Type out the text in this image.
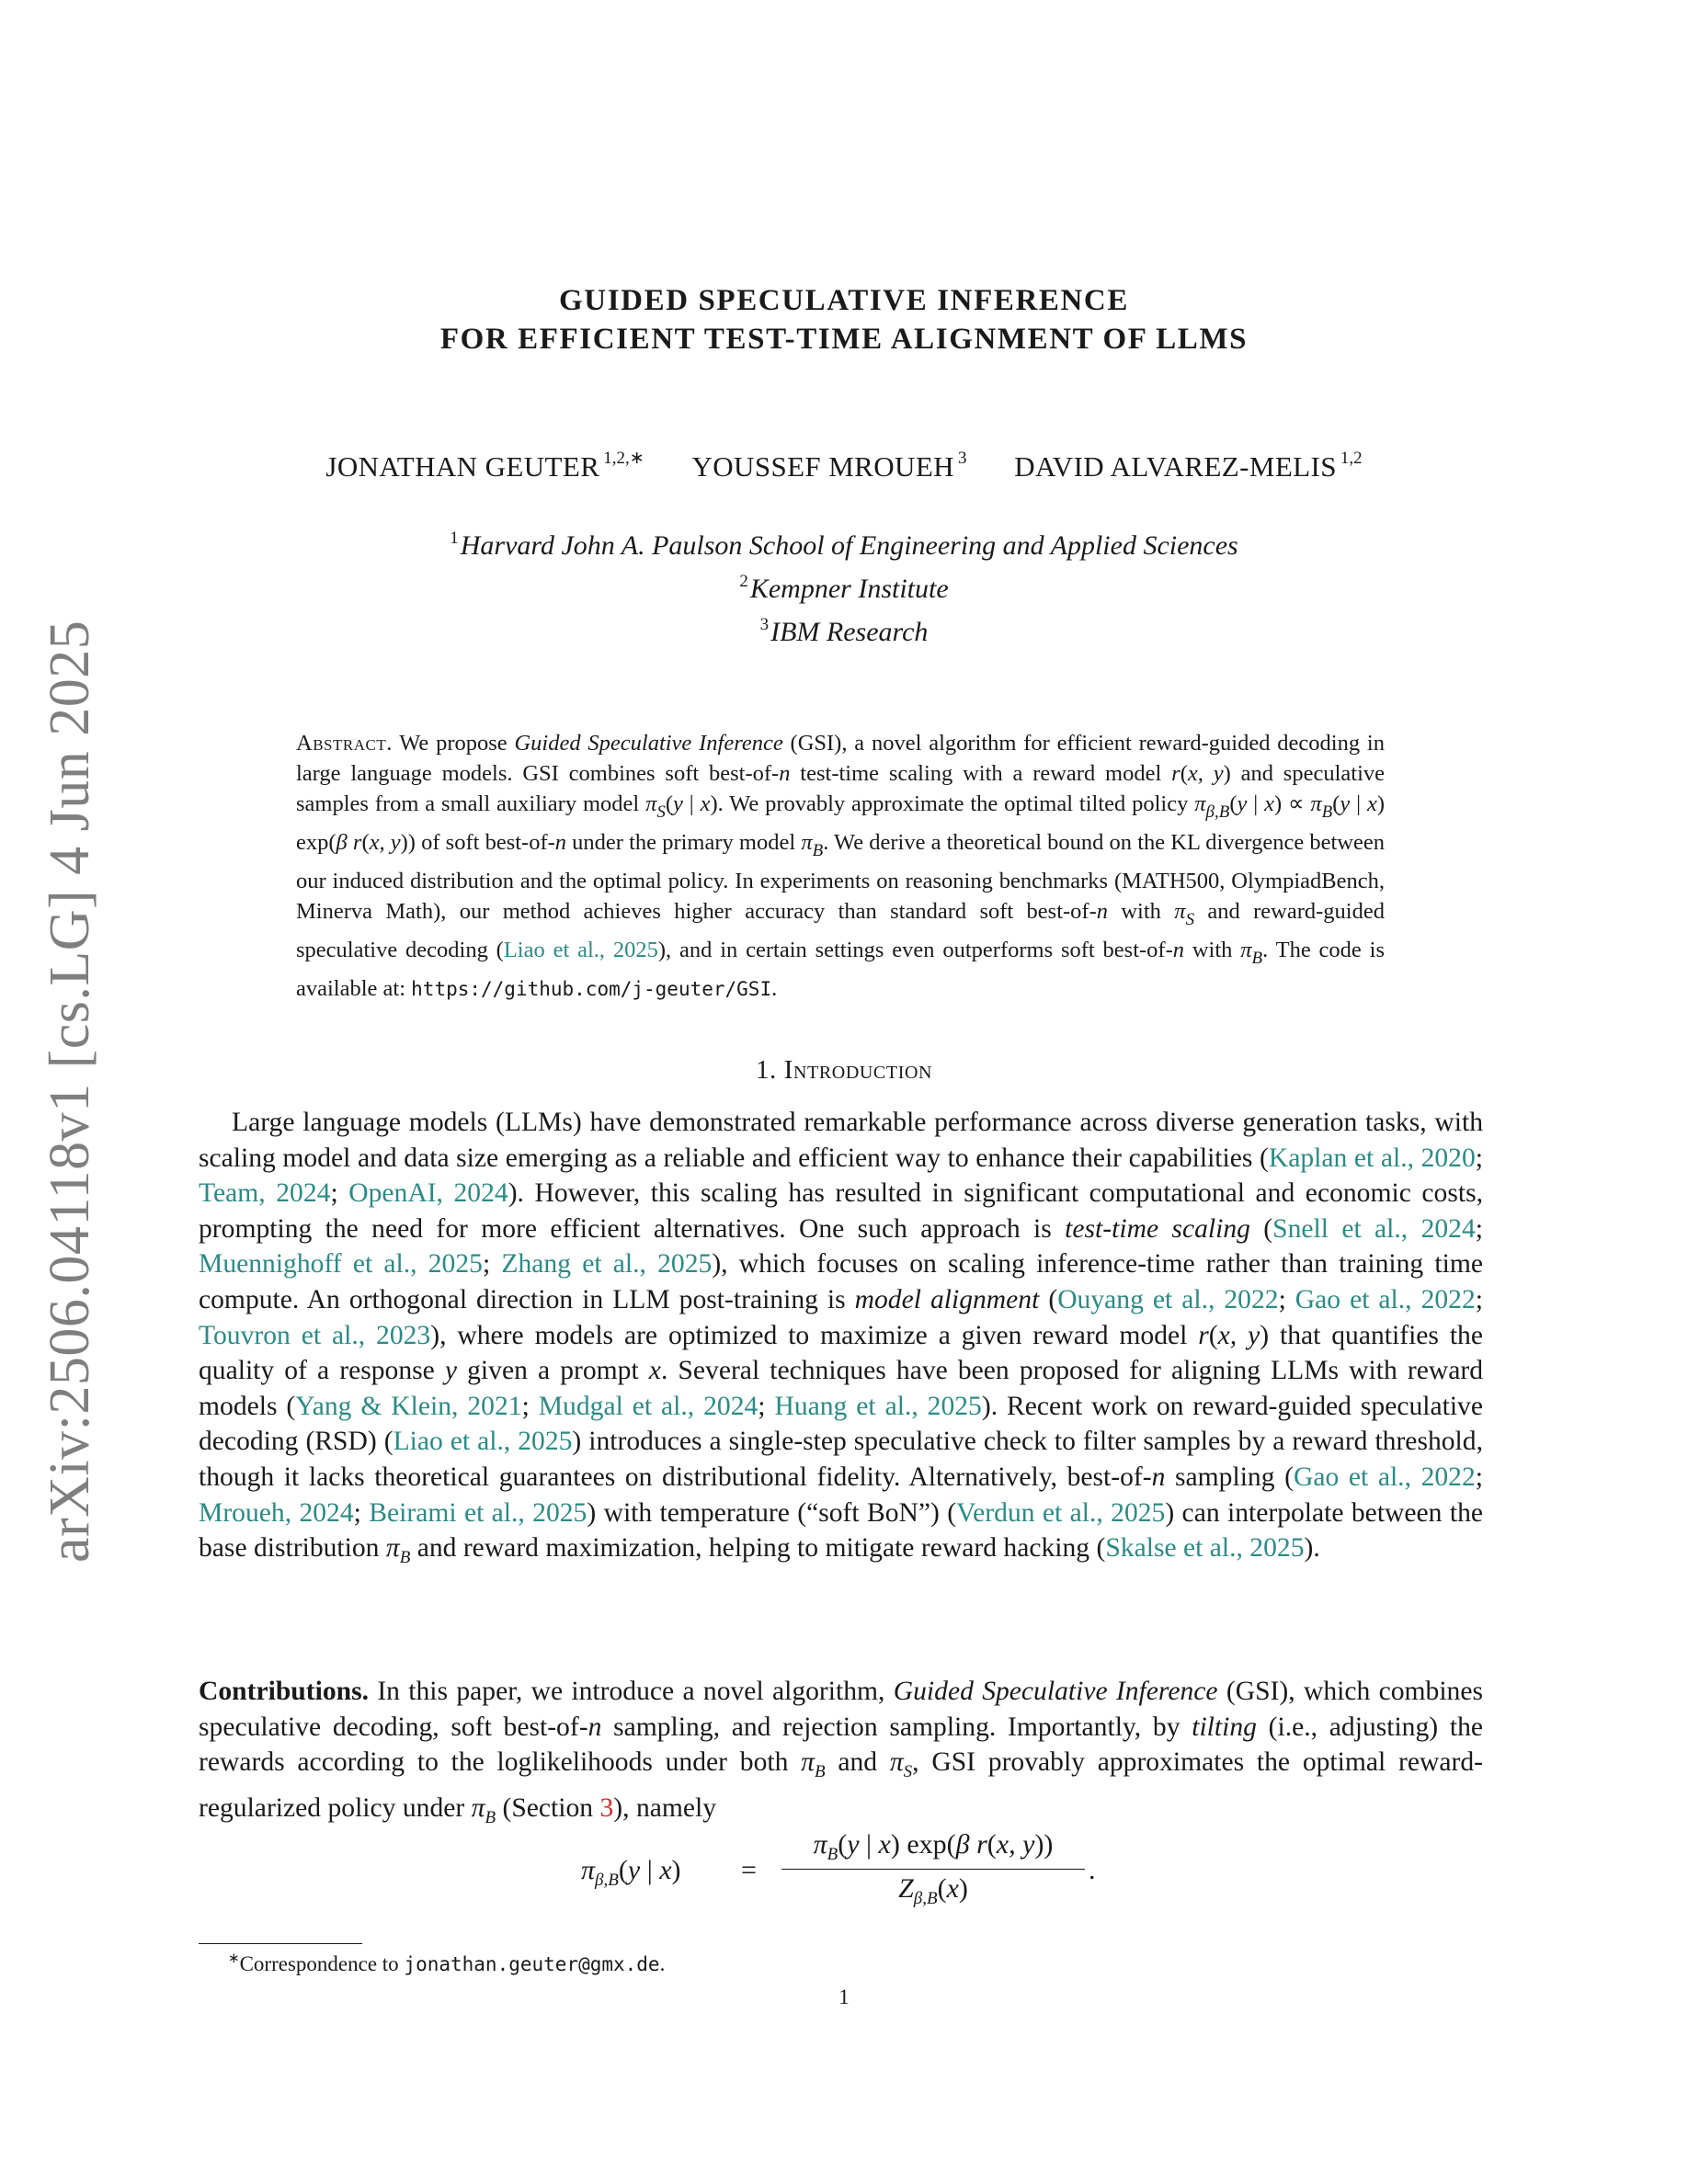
arXiv:2506.04118v1 [cs.LG] 4 Jun 2025
GUIDED SPECULATIVE INFERENCE
FOR EFFICIENT TEST-TIME ALIGNMENT OF LLMS
JONATHAN GEUTER $^{1,2,∗}$ YOUSSEF MROUEH $^3$ DAVID ALVAREZ-MELIS $^{1,2}$
$^1$Harvard John A. Paulson School of Engineering and Applied Sciences
$^2$Kempner Institute
$^3$IBM Research
Abstract. We propose Guided Speculative Inference (GSI), a novel algorithm for efficient reward-guided decoding in large language models. GSI combines soft best-of-n test-time scaling with a reward model r(x, y) and speculative samples from a small auxiliary model $\pi_S(y$ | x). We provably approximate the optimal tilted policy $\pi_{\beta,B}(y$ | $x) \propto \pi_B(y$ | x) exp(β r(x, y)) of soft best-of-n under the primary model $\pi_B$. We derive a theoretical bound on the KL divergence between our induced distribution and the optimal policy. In experiments on reasoning benchmarks (MATH500, OlympiadBench, Minerva Math), our method achieves higher accuracy than standard soft best-of-n with $\pi_S$ and reward-guided speculative decoding (Liao et al., 2025), and in certain settings even outperforms soft best-of-n with $\pi_B$. The code is available at: https://github.com/j-geuter/GSI.
1. Introduction
Large language models (LLMs) have demonstrated remarkable performance across diverse generation tasks, with scaling model and data size emerging as a reliable and efficient way to enhance their capabilities (Kaplan et al., 2020; Team, 2024; OpenAI, 2024). However, this scaling has resulted in significant computational and economic costs, prompting the need for more efficient alternatives. One such approach is test-time scaling (Snell et al., 2024; Muennighoff et al., 2025; Zhang et al., 2025), which focuses on scaling inference-time rather than training time compute. An orthogonal direction in LLM post-training is model alignment (Ouyang et al., 2022; Gao et al., 2022; Touvron et al., 2023), where models are optimized to maximize a given reward model r(x, y) that quantifies the quality of a response y given a prompt x. Several techniques have been proposed for aligning LLMs with reward models (Yang & Klein, 2021; Mudgal et al., 2024; Huang et al., 2025). Recent work on reward-guided speculative decoding (RSD) (Liao et al., 2025) introduces a single-step speculative check to filter samples by a reward threshold, though it lacks theoretical guarantees on distributional fidelity. Alternatively, best-of-n sampling (Gao et al., 2022; Mroueh, 2024; Beirami et al., 2025) with temperature (“soft BoN”) (Verdun et al., 2025) can interpolate between the base distribution $\pi_B$ and reward maximization, helping to mitigate reward hacking (Skalse et al., 2025).
Contributions. In this paper, we introduce a novel algorithm, Guided Speculative Inference (GSI), which combines speculative decoding, soft best-of-n sampling, and rejection sampling. Importantly, by tilting (i.e., adjusting) the rewards according to the loglikelihoods under both $\pi_B$ and $\pi_S$, GSI provably approximates the optimal reward-regularized policy under $\pi_B$ (Section 3), namely
$\pi_{\beta,B}(y$ | x) =
$\pi_B(y$ | x) exp(β r(x, y))
$Z_{\beta,B}(x)$
.
∗Correspondence to jonathan.geuter@gmx.de.
1
